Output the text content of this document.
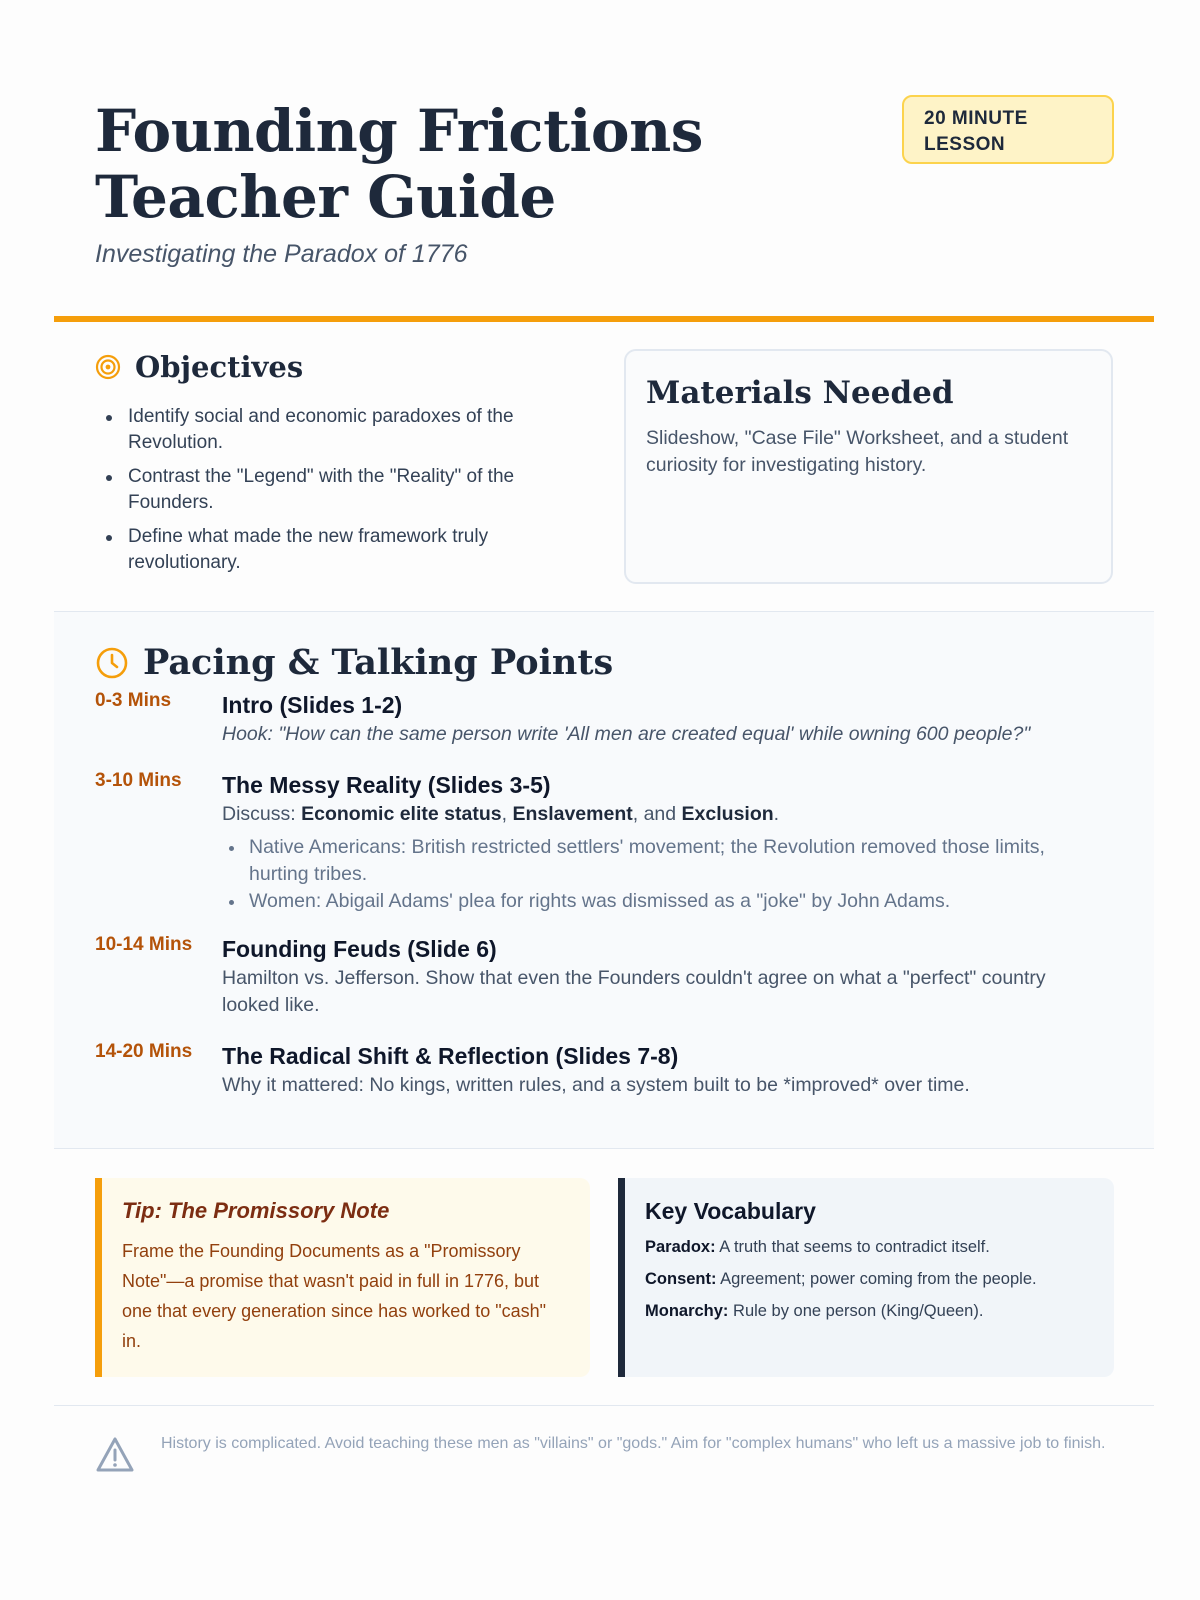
Founding Frictions Teacher Guide
Investigating the Paradox of 1776
20 MINUTE LESSON
Objectives
Identify social and economic paradoxes of the Revolution.
Contrast the "Legend" with the "Reality" of the Founders.
Define what made the new framework truly revolutionary.
Materials Needed

Slideshow, "Case File" Worksheet, and a student curiosity for investigating history.

Pacing & Talking Points
0-3 Mins	Intro (Slides 1-2)
Hook: "How can the same person write 'All men are created equal' while owning 600 people?"
3-10 Mins	The Messy Reality (Slides 3-5)
Discuss: Economic elite status, Enslavement, and Exclusion.
Native Americans: British restricted settlers' movement; the Revolution removed those limits, hurting tribes.
Women: Abigail Adams' plea for rights was dismissed as a "joke" by John Adams.
10-14 Mins	Founding Feuds (Slide 6)
Hamilton vs. Jefferson. Show that even the Founders couldn't agree on what a "perfect" country looked like.
14-20 Mins	The Radical Shift & Reflection (Slides 7-8)
Why it mattered: No kings, written rules, and a system built to be *improved* over time.
Tip: The Promissory Note

Frame the Founding Documents as a "Promissory Note"—a promise that wasn't paid in full in 1776, but one that every generation since has worked to "cash" in.

Key Vocabulary
Paradox: A truth that seems to contradict itself.
Consent: Agreement; power coming from the people.
Monarchy: Rule by one person (King/Queen).

History is complicated. Avoid teaching these men as "villains" or "gods." Aim for "complex humans" who left us a massive job to finish.
